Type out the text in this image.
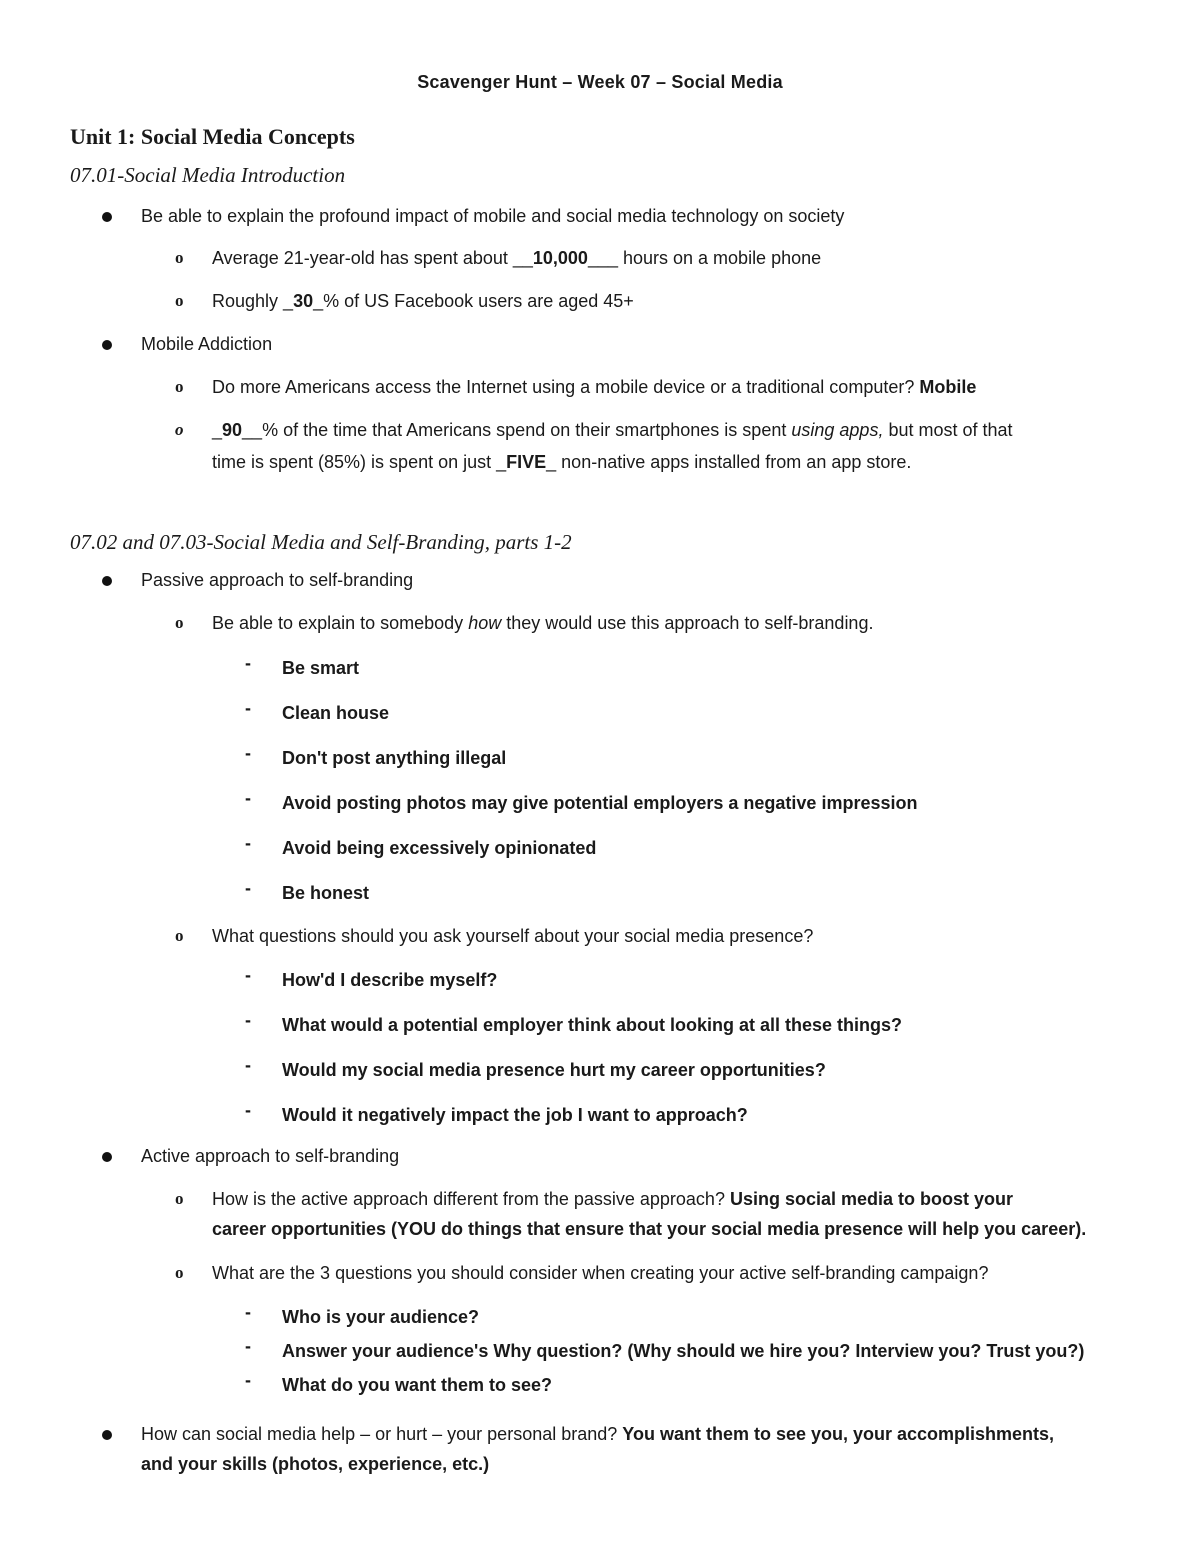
Scavenger Hunt – Week 07 – Social Media
Unit 1: Social Media Concepts
07.01-Social Media Introduction
Be able to explain the profound impact of mobile and social media technology on society
o Average 21-year-old has spent about __10,000___ hours on a mobile phone
o Roughly _30_% of US Facebook users are aged 45+
Mobile Addiction
o Do more Americans access the Internet using a mobile device or a traditional computer? Mobile
o _90__% of the time that Americans spend on their smartphones is spent using apps, but most of that
time is spent (85%) is spent on just _FIVE_ non-native apps installed from an app store.
07.02 and 07.03-Social Media and Self-Branding, parts 1-2
Passive approach to self-branding
o Be able to explain to somebody how they would use this approach to self-branding.
- Be smart
- Clean house
- Don't post anything illegal
- Avoid posting photos may give potential employers a negative impression
- Avoid being excessively opinionated
- Be honest
o What questions should you ask yourself about your social media presence?
- How'd I describe myself?
- What would a potential employer think about looking at all these things?
- Would my social media presence hurt my career opportunities?
- Would it negatively impact the job I want to approach?
Active approach to self-branding
o How is the active approach different from the passive approach? Using social media to boost your
career opportunities (YOU do things that ensure that your social media presence will help you career).
o What are the 3 questions you should consider when creating your active self-branding campaign?
- Who is your audience?
- Answer your audience's Why question? (Why should we hire you? Interview you? Trust you?)
- What do you want them to see?
How can social media help – or hurt – your personal brand? You want them to see you, your accomplishments,
and your skills (photos, experience, etc.)
